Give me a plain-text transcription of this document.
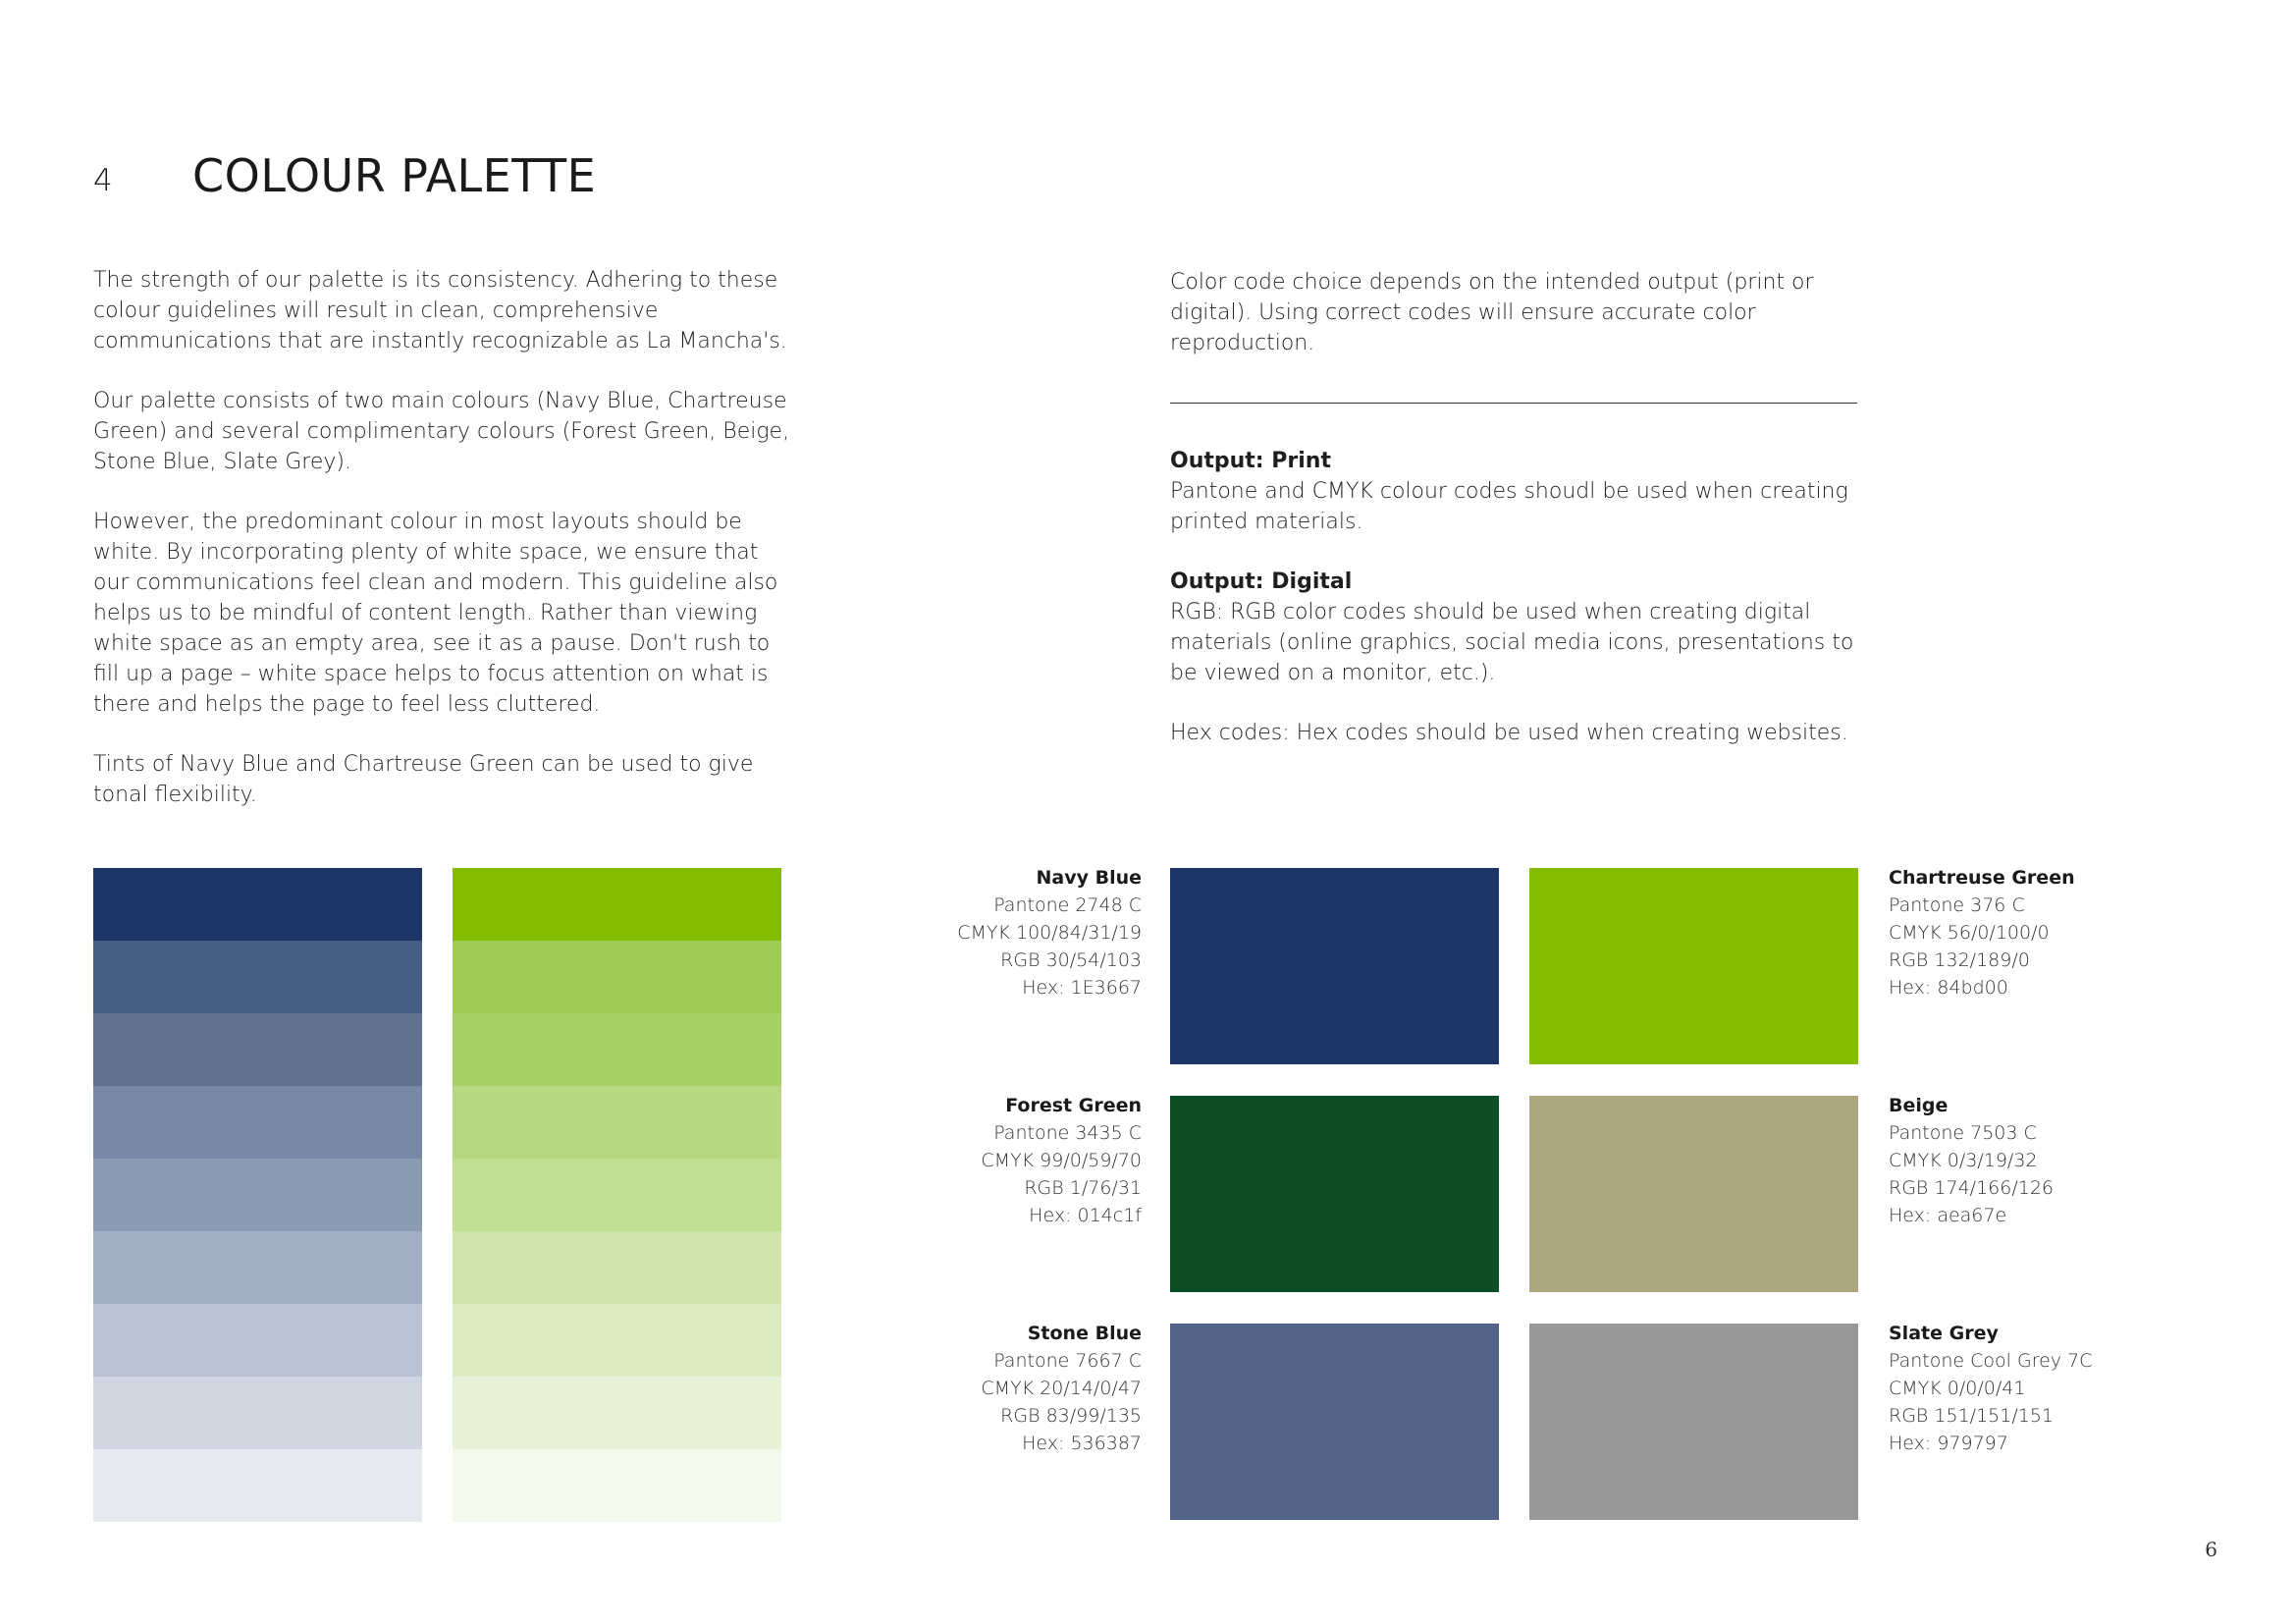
4 COLOUR PALETTE

The strength of our palette is its consistency. Adhering to these colour guidelines will result in clean, comprehensive communications that are instantly recognizable as La Mancha's.

Our palette consists of two main colours (Navy Blue, Chartreuse Green) and several complimentary colours (Forest Green, Beige, Stone Blue, Slate Grey).

However, the predominant colour in most layouts should be white. By incorporating plenty of white space, we ensure that our communications feel clean and modern. This guideline also helps us to be mindful of content length. Rather than viewing white space as an empty area, see it as a pause. Don't rush to fill up a page – white space helps to focus attention on what is there and helps the page to feel less cluttered.

Tints of Navy Blue and Chartreuse Green can be used to give tonal flexibility.

Color code choice depends on the intended output (print or digital). Using correct codes will ensure accurate color reproduction.

Output: Print
Pantone and CMYK colour codes shoudl be used when creating printed materials.
Output: Digital
RGB: RGB color codes should be used when creating digital materials (online graphics, social media icons, presentations to be viewed on a monitor, etc.).
Hex codes: Hex codes should be used when creating websites.
Navy Blue
Pantone 2748 C
CMYK 100/84/31/19
RGB 30/54/103
Hex: 1E3667
Chartreuse Green
Pantone 376 C
CMYK 56/0/100/0
RGB 132/189/0
Hex: 84bd00
Forest Green
Pantone 3435 C
CMYK 99/0/59/70
RGB 1/76/31
Hex: 014c1f
Beige
Pantone 7503 C
CMYK 0/3/19/32
RGB 174/166/126
Hex: aea67e
Stone Blue
Pantone 7667 C
CMYK 20/14/0/47
RGB 83/99/135
Hex: 536387
Slate Grey
Pantone Cool Grey 7C
CMYK 0/0/0/41
RGB 151/151/151
Hex: 979797
6
